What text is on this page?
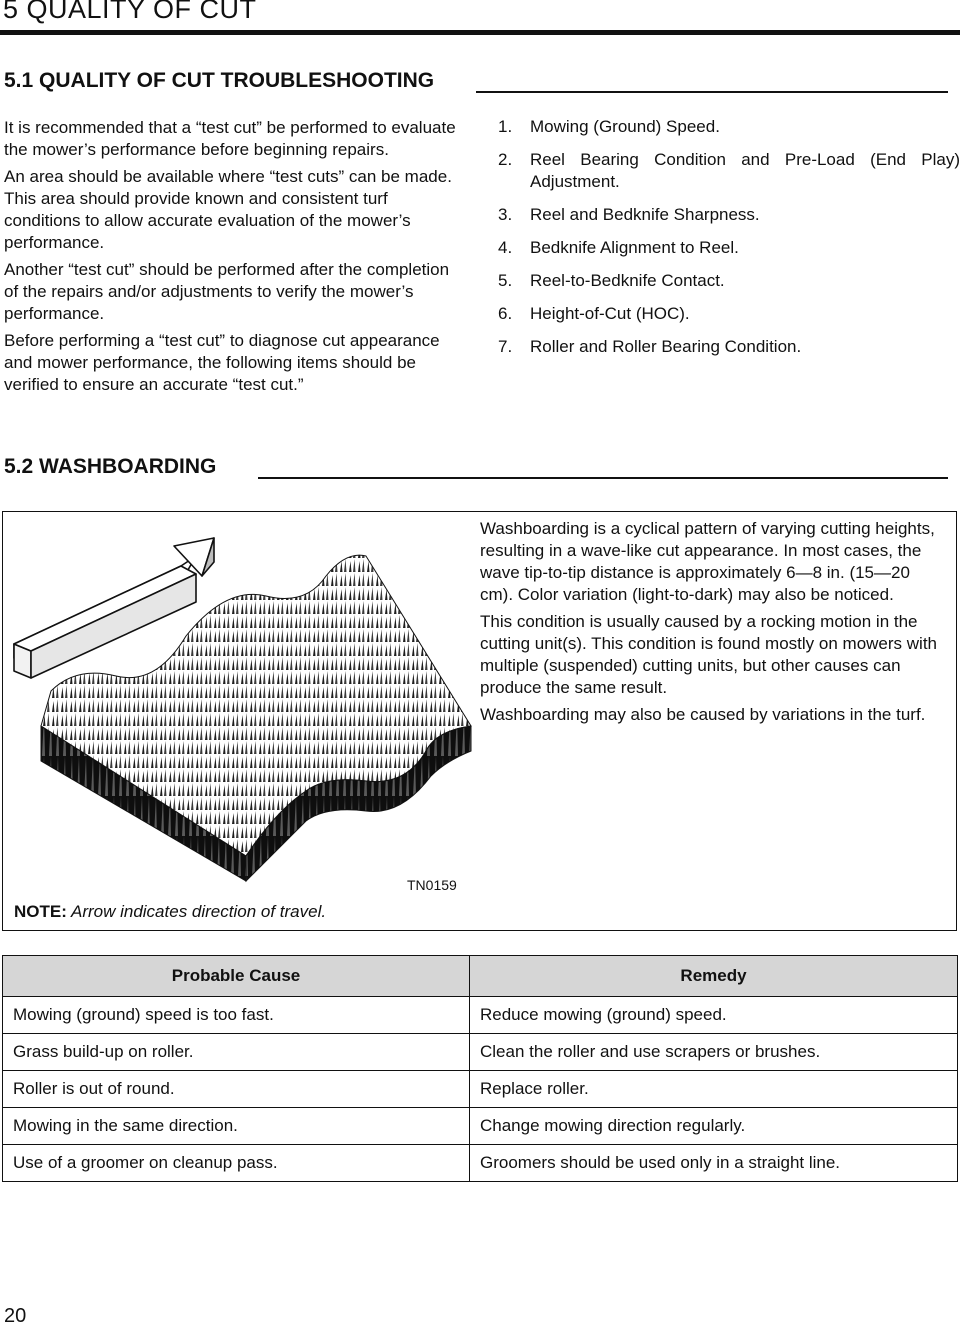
5 QUALITY OF CUT
5.1 QUALITY OF CUT TROUBLESHOOTING

It is recommended that a “test cut” be performed to evaluate the mower’s performance before beginning repairs.

An area should be available where “test cuts” can be made. This area should provide known and consistent turf conditions to allow accurate evaluation of the mower’s performance.

Another “test cut” should be performed after the completion of the repairs and/or adjustments to verify the mower’s performance.

Before performing a “test cut” to diagnose cut appearance and mower performance, the following items should be verified to ensure an accurate “test cut.”

1.	Mowing (Ground) Speed.
2.	Reel Bearing Condition and Pre-Load (End Play) Adjustment.
3.	Reel and Bedknife Sharpness.
4.	Bedknife Alignment to Reel.
5.	Reel-to-Bedknife Contact.
6.	Height-of-Cut (HOC).
7.	Roller and Roller Bearing Condition.
5.2 WASHBOARDING

Washboarding is a cyclical pattern of varying cutting heights, resulting in a wave-like cut appearance. In most cases, the wave tip-to-tip distance is approximately 6—8 in. (15—20 cm). Color variation (light-to-dark) may also be noticed.

This condition is usually caused by a rocking motion in the cutting unit(s). This condition is found mostly on mowers with multiple (suspended) cutting units, but other causes can produce the same result.

Washboarding may also be caused by variations in the turf.

TN0159
NOTE: Arrow indicates direction of travel.
Probable Cause	Remedy
Mowing (ground) speed is too fast.	Reduce mowing (ground) speed.
Grass build-up on roller.	Clean the roller and use scrapers or brushes.
Roller is out of round.	Replace roller.
Mowing in the same direction.	Change mowing direction regularly.
Use of a groomer on cleanup pass.	Groomers should be used only in a straight line.
20
